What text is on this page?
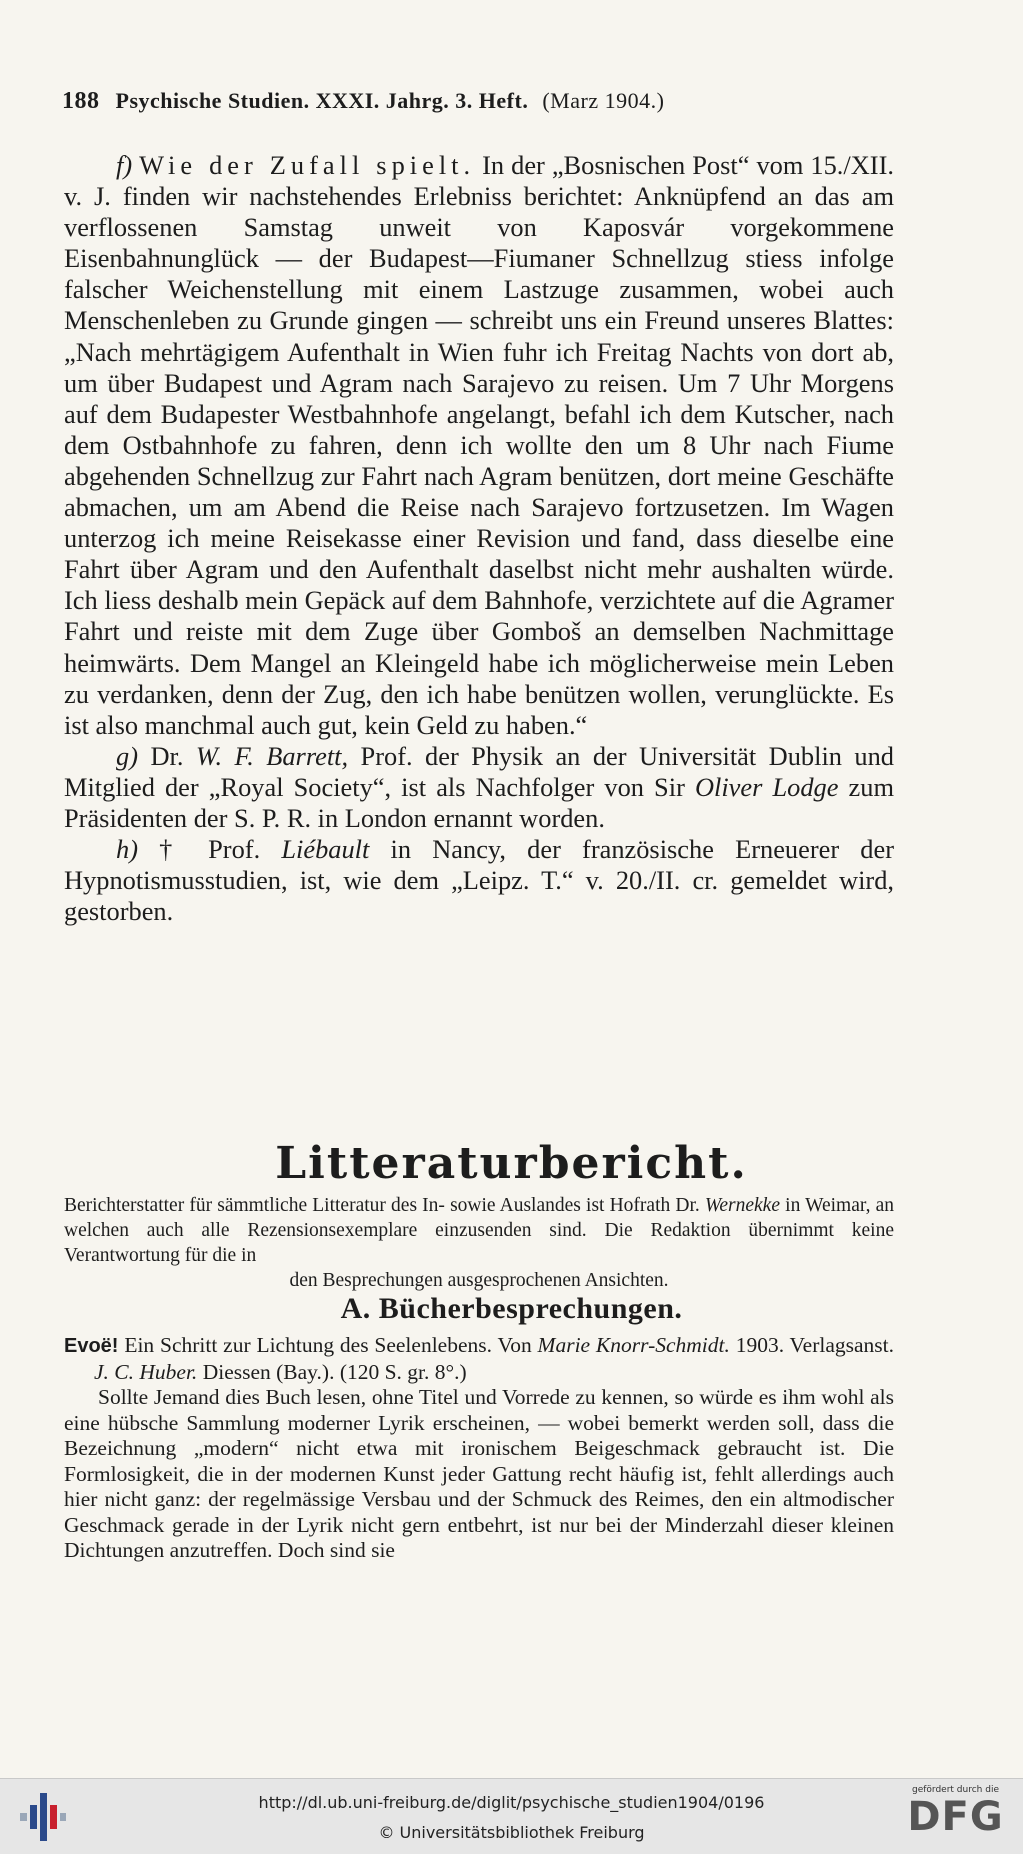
188 Psychische Studien. XXXI. Jahrg. 3. Heft. (Marz 1904.)

f) Wie der Zufall spielt. In der „Bosnischen Post“ vom 15./XII. v. J. finden wir nachstehendes Erlebniss berichtet: Anknüpfend an das am verflossenen Samstag unweit von Kaposvár vorgekommene Eisenbahnunglück — der Budapest—Fiumaner Schnellzug stiess infolge falscher Weichenstellung mit einem Lastzuge zusammen, wobei auch Menschenleben zu Grunde gingen — schreibt uns ein Freund unseres Blattes: „Nach mehrtägigem Aufenthalt in Wien fuhr ich Freitag Nachts von dort ab, um über Budapest und Agram nach Sarajevo zu reisen. Um 7 Uhr Morgens auf dem Budapester Westbahnhofe angelangt, befahl ich dem Kutscher, nach dem Ostbahnhofe zu fahren, denn ich wollte den um 8 Uhr nach Fiume abgehenden Schnellzug zur Fahrt nach Agram benützen, dort meine Geschäfte abmachen, um am Abend die Reise nach Sarajevo fortzusetzen. Im Wagen unterzog ich meine Reisekasse einer Revision und fand, dass dieselbe eine Fahrt über Agram und den Aufenthalt daselbst nicht mehr aushalten würde. Ich liess deshalb mein Gepäck auf dem Bahnhofe, verzichtete auf die Agramer Fahrt und reiste mit dem Zuge über Gomboš an demselben Nachmittage heimwärts. Dem Mangel an Kleingeld habe ich möglicherweise mein Leben zu verdanken, denn der Zug, den ich habe benützen wollen, verunglückte. Es ist also manchmal auch gut, kein Geld zu haben.“

g) Dr. W. F. Barrett, Prof. der Physik an der Universität Dublin und Mitglied der „Royal Society“, ist als Nachfolger von Sir Oliver Lodge zum Präsidenten der S. P. R. in London ernannt worden.

h) † Prof. Liébault in Nancy, der französische Erneuerer der Hypnotismusstudien, ist, wie dem „Leipz. T.“ v. 20./II. cr. gemeldet wird, gestorben.

Litteraturbericht.
Berichterstatter für sämmtliche Litteratur des In- sowie Auslandes ist Hofrath Dr. Wernekke in Weimar, an welchen auch alle Rezensionsexemplare einzusenden sind. Die Redaktion übernimmt keine Verantwortung für die in
den Besprechungen ausgesprochenen Ansichten.
A. Bücherbesprechungen.

Evoë! Ein Schritt zur Lichtung des Seelenlebens. Von Marie Knorr-Schmidt. 1903. Verlagsanst. J. C. Huber. Diessen (Bay.). (120 S. gr. 8°.)

Sollte Jemand dies Buch lesen, ohne Titel und Vorrede zu kennen, so würde es ihm wohl als eine hübsche Sammlung moderner Lyrik erscheinen, — wobei bemerkt werden soll, dass die Bezeichnung „modern“ nicht etwa mit ironischem Beigeschmack gebraucht ist. Die Formlosigkeit, die in der modernen Kunst jeder Gattung recht häufig ist, fehlt allerdings auch hier nicht ganz: der regelmässige Versbau und der Schmuck des Reimes, den ein altmodischer Geschmack gerade in der Lyrik nicht gern entbehrt, ist nur bei der Minderzahl dieser kleinen Dichtungen anzutreffen. Doch sind sie

http://dl.ub.uni-freiburg.de/diglit/psychische_studien1904/0196
© Universitätsbibliothek Freiburg
gefördert durch die
DFG
